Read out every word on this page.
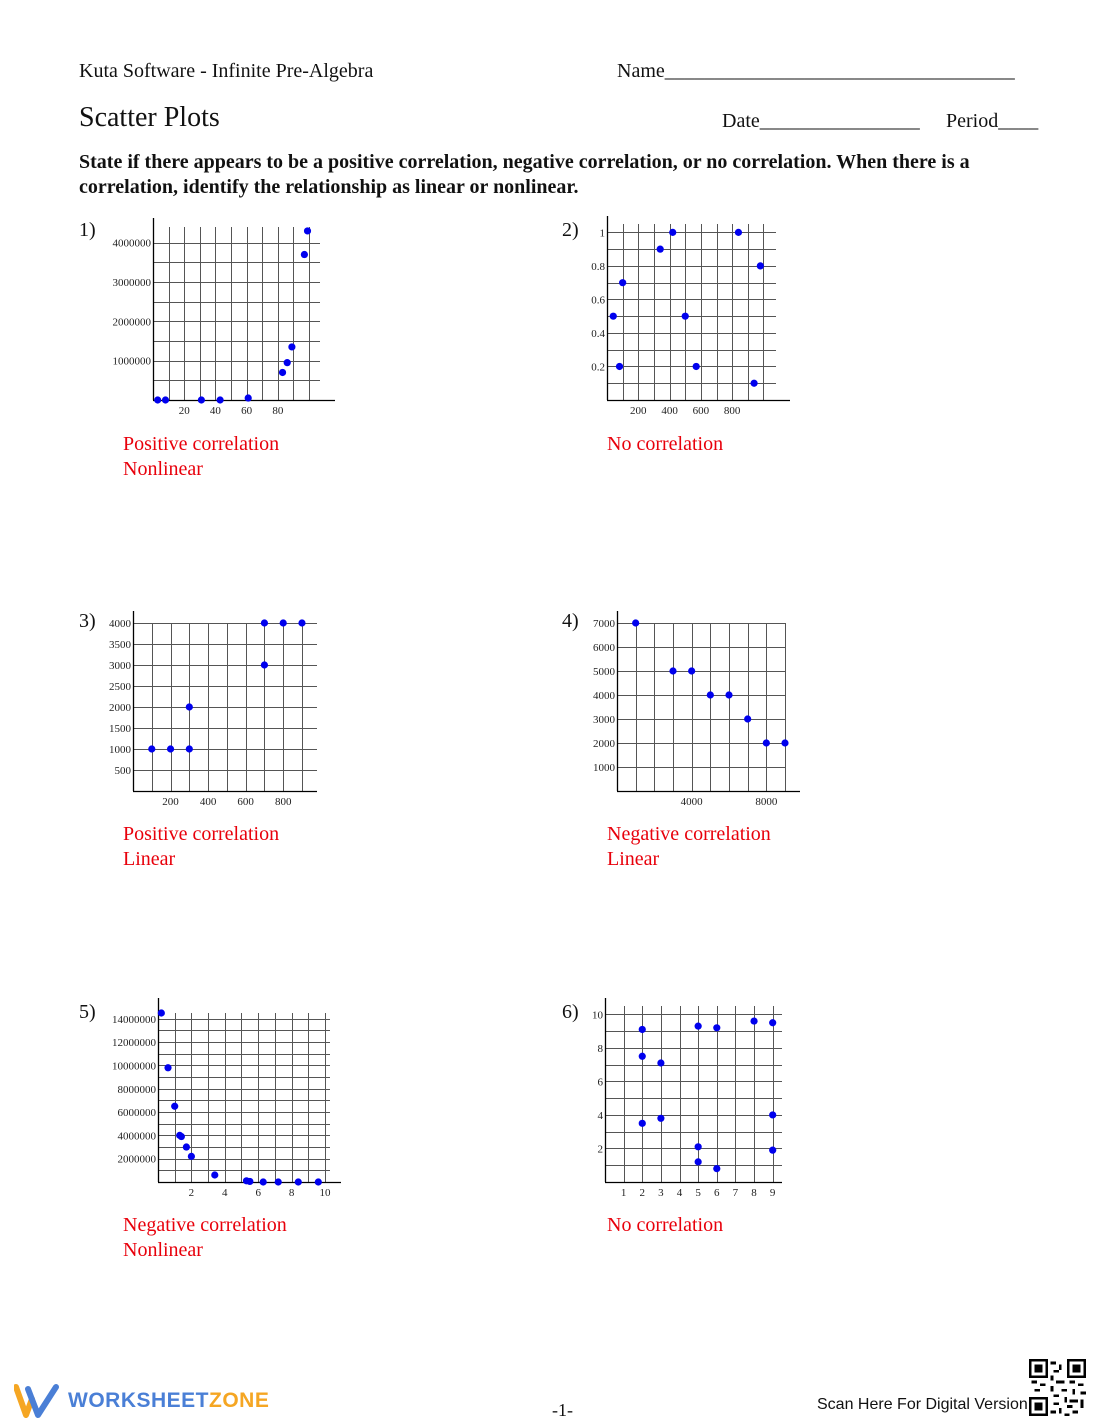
Kuta Software - Infinite Pre-Algebra	Name___________________________________
Scatter Plots	Date________________ Period____
State if there appears to be a positive correlation, negative correlation, or no correlation. When there is a correlation, identify the relationship as linear or nonlinear.
1)
20 40 60 80
1000000
2000000
3000000
4000000
Positive correlation
Nonlinear
2)
200 400 600 800
0.2
0.4
0.6
0.8
1
No correlation
3)
200 400 600 800
500
1000
1500
2000
2500
3000
3500
4000
Positive correlation
Linear
4)
4000	8000
1000
2000
3000
4000
5000
6000
7000
Negative correlation
Linear
5)
2	4	6	8 10
2000000
4000000
6000000
8000000
10000000
12000000
14000000
Negative correlation
Nonlinear
6)
1 2 3 4 5 6 7 8 9
2
4
6
8
10
No correlation
WORKSHEETZONE	-1-	Scan Here For Digital Version
